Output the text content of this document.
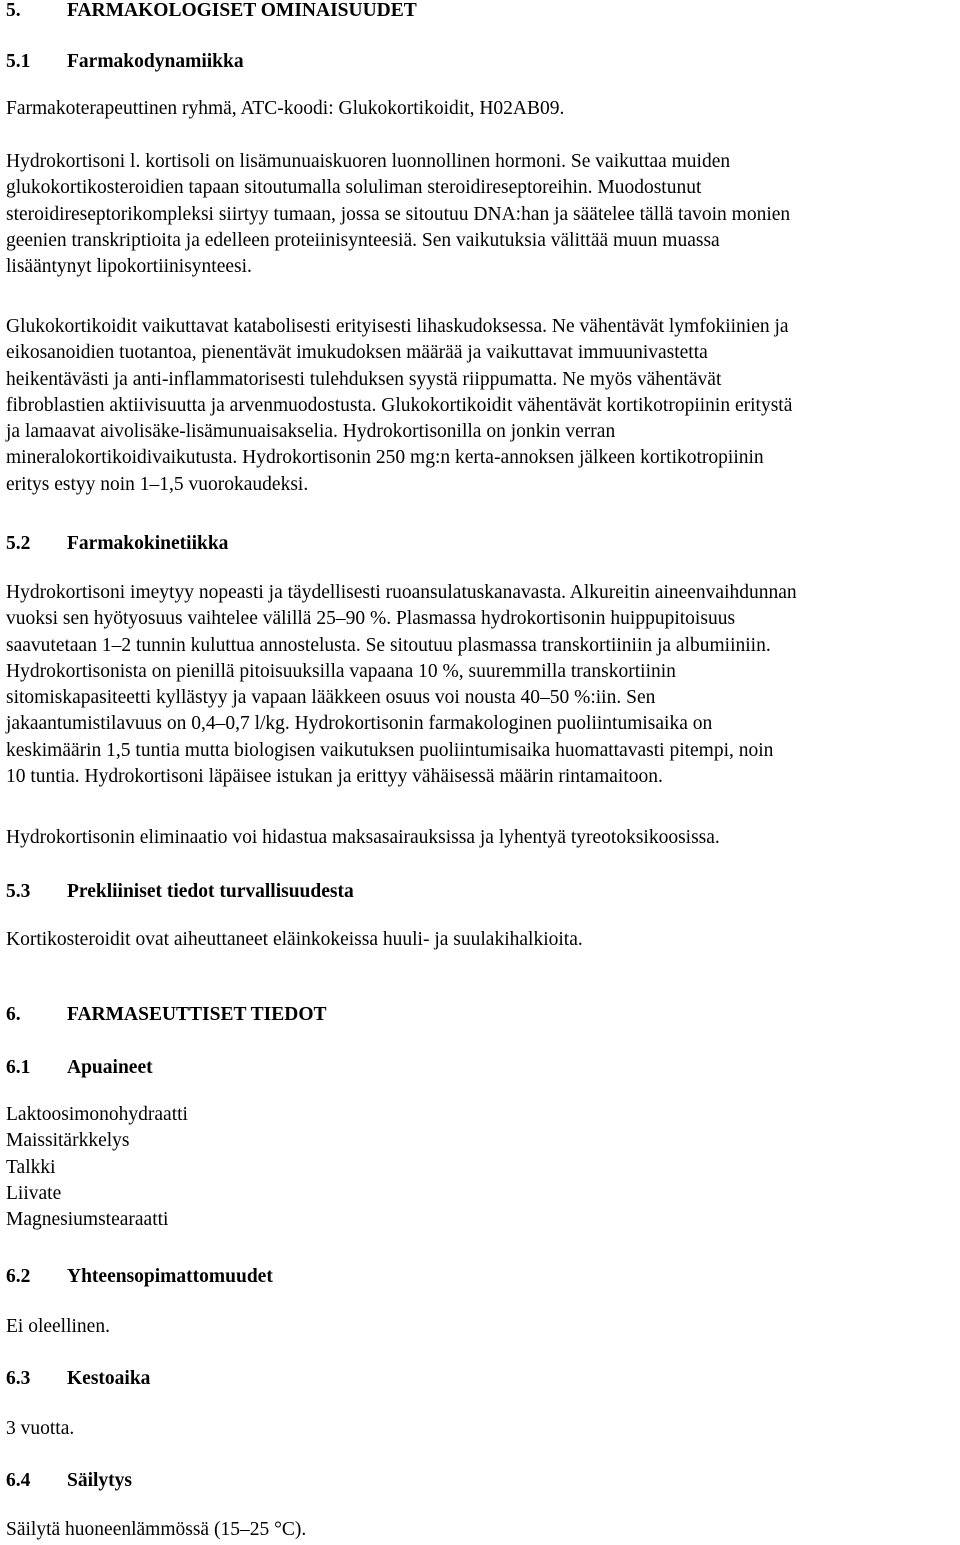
5. FARMAKOLOGISET OMINAISUUDET
5.1 Farmakodynamiikka
Farmakoterapeuttinen ryhmä, ATC-koodi: Glukokortikoidit, H02AB09.
Hydrokortisoni l. kortisoli on lisämunuaiskuoren luonnollinen hormoni. Se vaikuttaa muiden
glukokortikosteroidien tapaan sitoutumalla soluliman steroidireseptoreihin. Muodostunut
steroidireseptorikompleksi siirtyy tumaan, jossa se sitoutuu DNA:han ja säätelee tällä tavoin monien
geenien transkriptioita ja edelleen proteiinisynteesiä. Sen vaikutuksia välittää muun muassa
lisääntynyt lipokortiinisynteesi.
Glukokortikoidit vaikuttavat katabolisesti erityisesti lihaskudoksessa. Ne vähentävät lymfokiinien ja
eikosanoidien tuotantoa, pienentävät imukudoksen määrää ja vaikuttavat immuunivastetta
heikentävästi ja anti-inflammatorisesti tulehduksen syystä riippumatta. Ne myös vähentävät
fibroblastien aktiivisuutta ja arvenmuodostusta. Glukokortikoidit vähentävät kortikotropiinin eritystä
ja lamaavat aivolisäke-lisämunuaisakselia. Hydrokortisonilla on jonkin verran
mineralokortikoidivaikutusta. Hydrokortisonin 250 mg:n kerta-annoksen jälkeen kortikotropiinin
eritys estyy noin 1–1,5 vuorokaudeksi.
5.2 Farmakokinetiikka
Hydrokortisoni imeytyy nopeasti ja täydellisesti ruoansulatuskanavasta. Alkureitin aineenvaihdunnan
vuoksi sen hyötyosuus vaihtelee välillä 25–90 %. Plasmassa hydrokortisonin huippupitoisuus
saavutetaan 1–2 tunnin kuluttua annostelusta. Se sitoutuu plasmassa transkortiiniin ja albumiiniin.
Hydrokortisonista on pienillä pitoisuuksilla vapaana 10 %, suuremmilla transkortiinin
sitomiskapasiteetti kyllästyy ja vapaan lääkkeen osuus voi nousta 40–50 %:iin. Sen
jakaantumistilavuus on 0,4–0,7 l/kg. Hydrokortisonin farmakologinen puoliintumisaika on
keskimäärin 1,5 tuntia mutta biologisen vaikutuksen puoliintumisaika huomattavasti pitempi, noin
10 tuntia. Hydrokortisoni läpäisee istukan ja erittyy vähäisessä määrin rintamaitoon.
Hydrokortisonin eliminaatio voi hidastua maksasairauksissa ja lyhentyä tyreotoksikoosissa.
5.3 Prekliiniset tiedot turvallisuudesta
Kortikosteroidit ovat aiheuttaneet eläinkokeissa huuli- ja suulakihalkioita.
6. FARMASEUTTISET TIEDOT
6.1 Apuaineet
Laktoosimonohydraatti
Maissitärkkelys
Talkki
Liivate
Magnesiumstearaatti
6.2 Yhteensopimattomuudet
Ei oleellinen.
6.3 Kestoaika
3 vuotta.
6.4 Säilytys
Säilytä huoneenlämmössä (15–25 °C).
